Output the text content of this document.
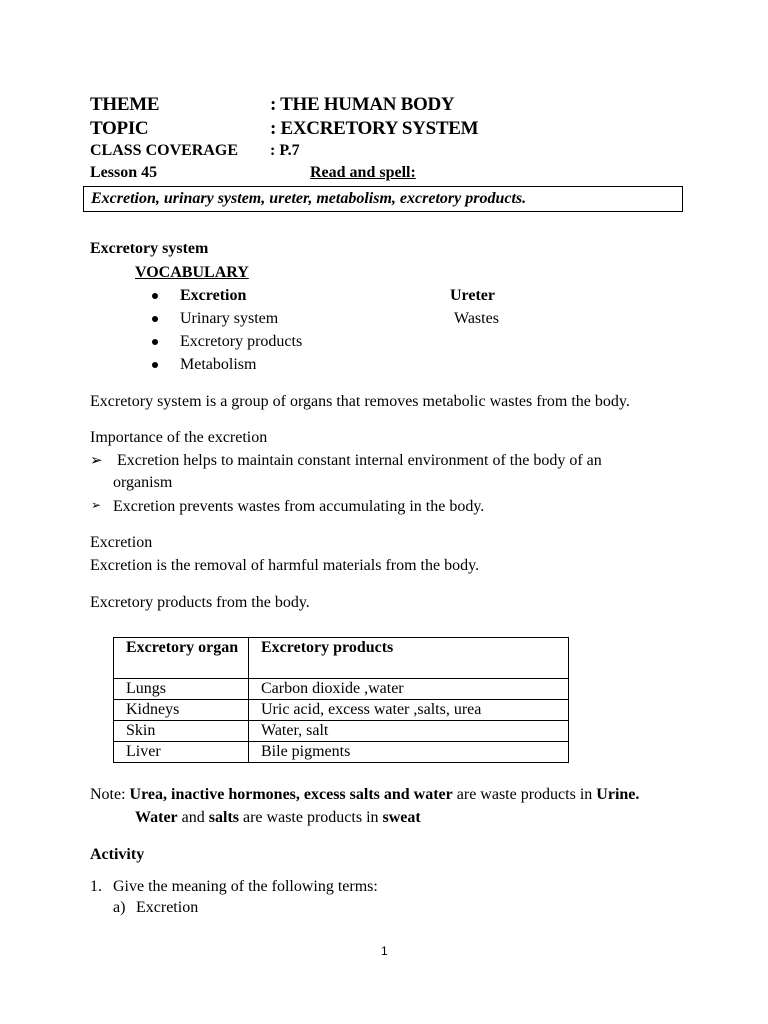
THEME	: THE HUMAN BODY
TOPIC	: EXCRETORY SYSTEM
CLASS COVERAGE : P.7
Lesson 45	Read and spell:
Excretion, urinary system, ureter, metabolism, excretory products.
Excretory system
VOCABULARY
Excretion	Ureter
Urinary system	Wastes
Excretory products
Metabolism
Excretory system is a group of organs that removes metabolic wastes from the body.
Importance of the excretion
➢ Excretion helps to maintain constant internal environment of the body of an
organism
➢ Excretion prevents wastes from accumulating in the body.
Excretion
Excretion is the removal of harmful materials from the body.
Excretory products from the body.
Excretory organ	Excretory products
Lungs	Carbon dioxide ,water
Kidneys	Uric acid, excess water ,salts, urea
Skin	Water, salt
Liver	Bile pigments
Note: Urea, inactive hormones, excess salts and water are waste products in Urine.
Water and salts are waste products in sweat
Activity
1. Give the meaning of the following terms:
a) Excretion
1
